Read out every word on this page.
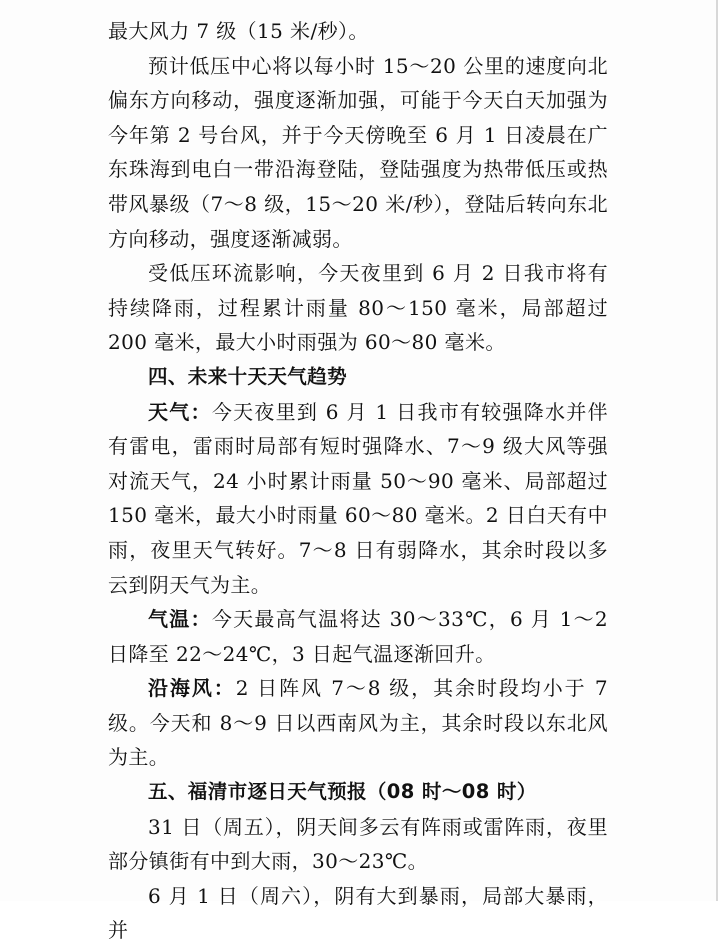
最大风力 7 级（15 米/秒）。

预计低压中心将以每小时 15～20 公里的速度向北偏东方向移动，强度逐渐加强，可能于今天白天加强为今年第 2 号台风，并于今天傍晚至 6 月 1 日凌晨在广东珠海到电白一带沿海登陆，登陆强度为热带低压或热带风暴级（7～8 级，15～20 米/秒），登陆后转向东北方向移动，强度逐渐减弱。

受低压环流影响，今天夜里到 6 月 2 日我市将有持续降雨，过程累计雨量 80～150 毫米，局部超过 200 毫米，最大小时雨强为 60～80 毫米。

四、未来十天天气趋势

天气：今天夜里到 6 月 1 日我市有较强降水并伴有雷电，雷雨时局部有短时强降水、7～9 级大风等强对流天气，24 小时累计雨量 50～90 毫米、局部超过 150 毫米，最大小时雨量 60～80 毫米。2 日白天有中雨，夜里天气转好。7～8 日有弱降水，其余时段以多云到阴天气为主。

气温：今天最高气温将达 30～33℃，6 月 1～2 日降至 22～24℃，3 日起气温逐渐回升。

沿海风：2 日阵风 7～8 级，其余时段均小于 7 级。今天和 8～9 日以西南风为主，其余时段以东北风为主。

五、福清市逐日天气预报（08 时～08 时）

31 日（周五），阴天间多云有阵雨或雷阵雨，夜里部分镇街有中到大雨，30～23℃。

6 月 1 日（周六），阴有大到暴雨，局部大暴雨，并
